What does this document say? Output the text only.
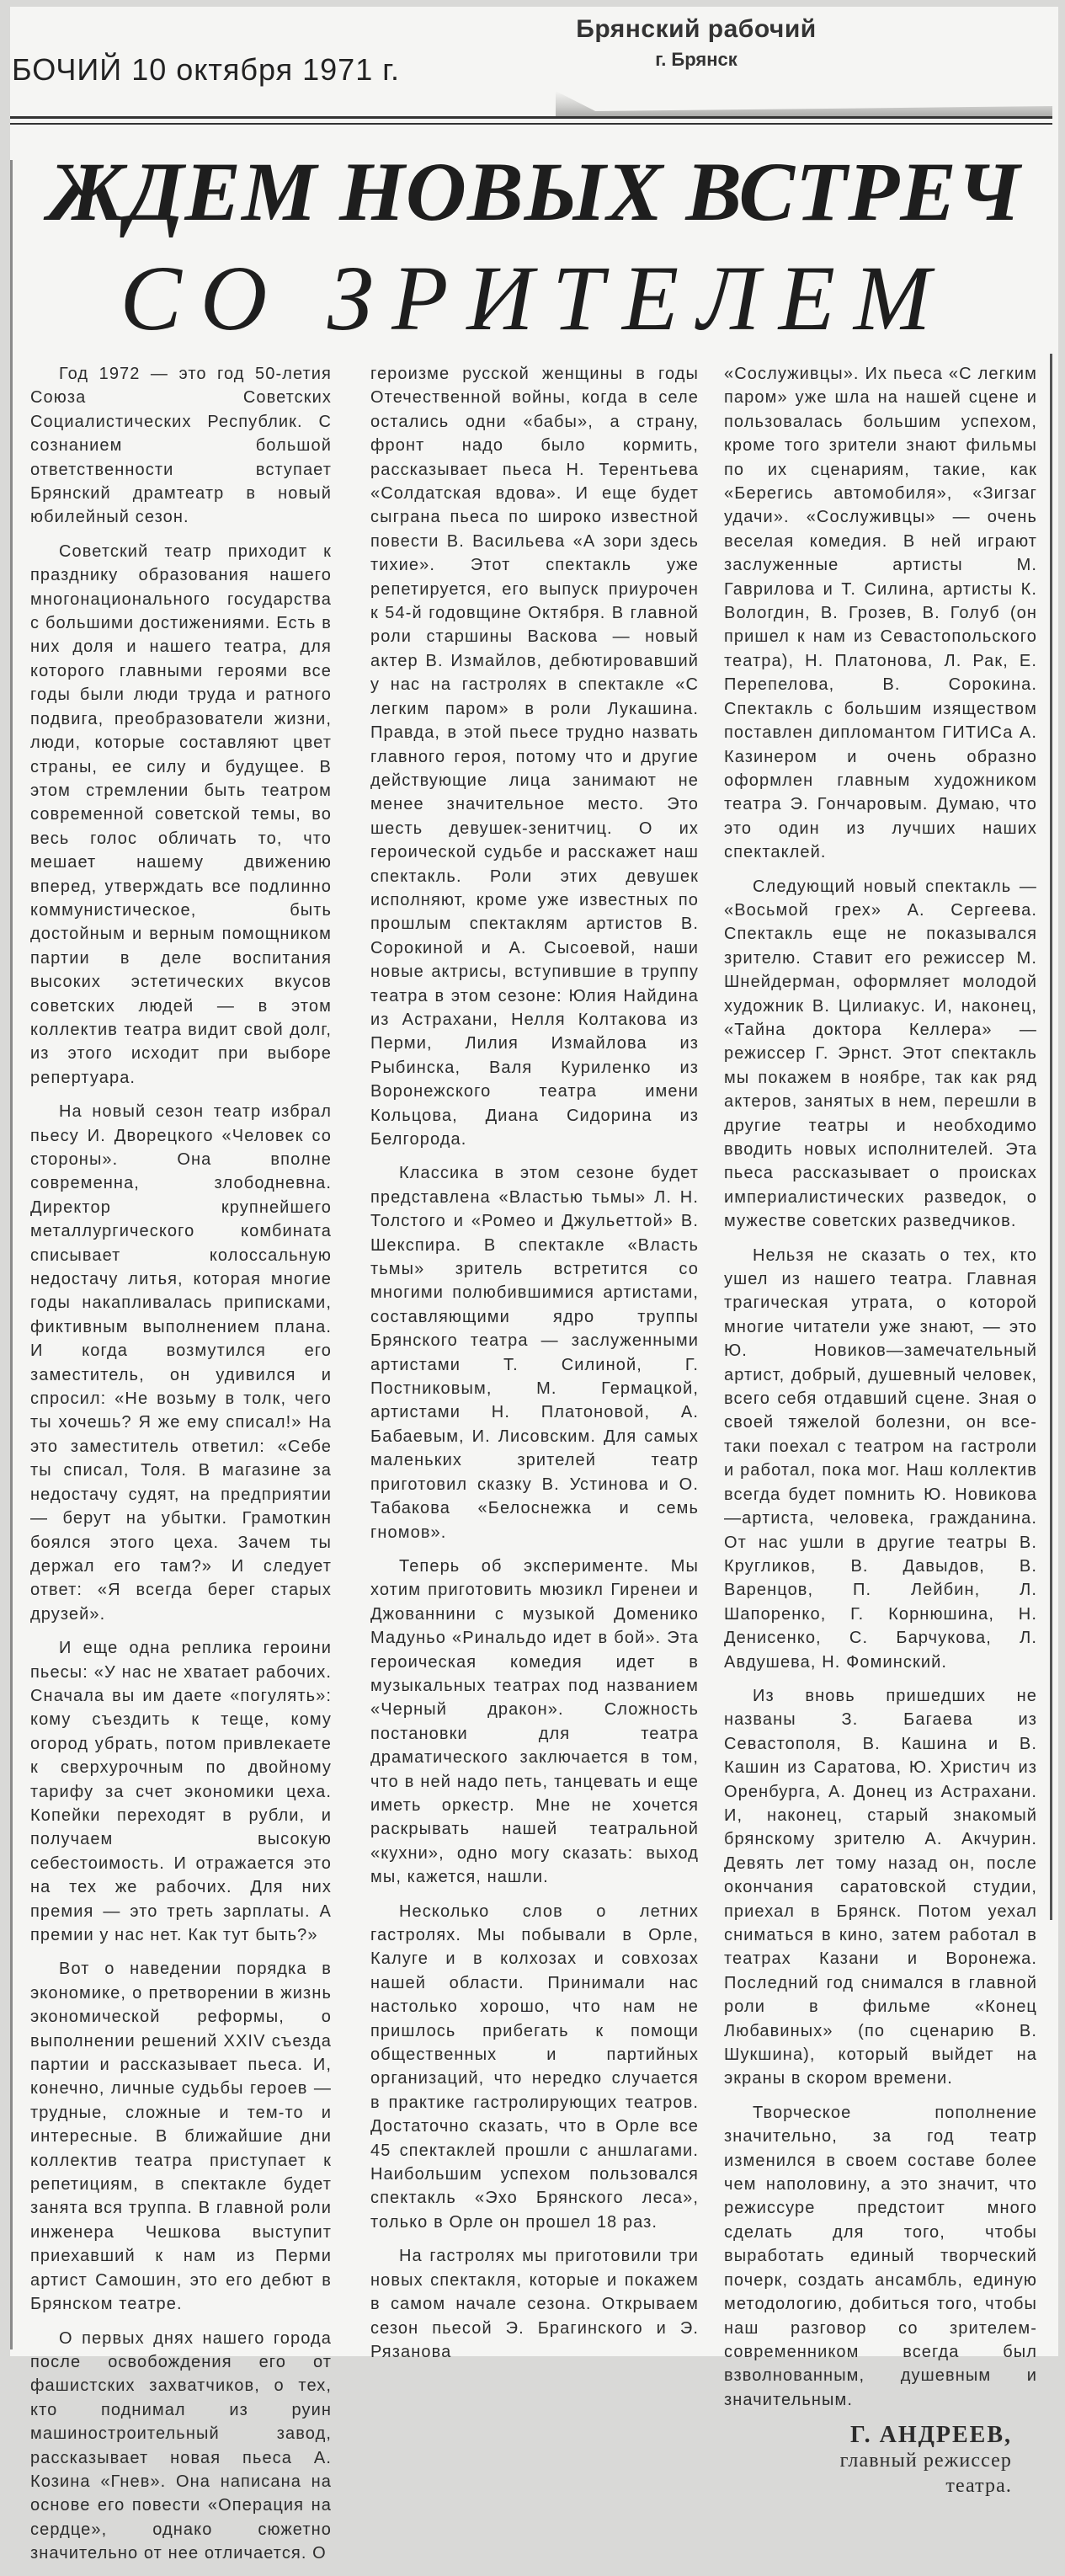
БОЧИЙ 10 октября 1971 г.
Брянский рабочий
г. Брянск
ЖДЕМ НОВЫХ ВСТРЕЧ
СО ЗРИТЕЛЕМ

Год 1972 — это год 50-летия Союза Советских Социалистических Республик. С сознанием большой ответственности вступает Брянский драмтеатр в новый юбилейный сезон.

Советский театр приходит к празднику образования нашего многонационального государства с большими достижениями. Есть в них доля и нашего театра, для которого главными героями все годы были люди труда и ратного подвига, преобразователи жизни, люди, которые составляют цвет страны, ее силу и будущее. В этом стремлении быть театром современной советской темы, во весь голос обличать то, что мешает нашему движению вперед, утверждать все подлинно коммунистическое, быть достойным и верным помощником партии в деле воспитания высоких эстетических вкусов советских людей — в этом коллектив театра видит свой долг, из этого исходит при выборе репертуара.

На новый сезон театр избрал пьесу И. Дворецкого «Человек со стороны». Она вполне современна, злободневна. Директор крупнейшего металлургического комбината списывает колоссальную недостачу литья, которая многие годы накапливалась приписками, фиктивным выполнением плана. И когда возмутился его заместитель, он удивился и спросил: «Не возьму в толк, чего ты хочешь? Я же ему списал!» На это заместитель ответил: «Себе ты списал, Толя. В магазине за недостачу судят, на предприятии — берут на убытки. Грамоткин боялся этого цеха. Зачем ты держал его там?» И следует ответ: «Я всегда берег старых друзей».

И еще одна реплика героини пьесы: «У нас не хватает рабочих. Сначала вы им даете «погулять»: кому съездить к теще, кому огород убрать, потом привлекаете к сверхурочным по двойному тарифу за счет экономики цеха. Копейки переходят в рубли, и получаем высокую себестоимость. И отражается это на тех же рабочих. Для них премия — это треть зарплаты. А премии у нас нет. Как тут быть?»

Вот о наведении порядка в экономике, о претворении в жизнь экономической реформы, о выполнении решений XXIV съезда партии и рассказывает пьеса. И, конечно, личные судьбы героев — трудные, сложные и тем-то и интересные. В ближайшие дни коллектив театра приступает к репетициям, в спектакле будет занята вся труппа. В главной роли инженера Чешкова выступит приехавший к нам из Перми артист Самошин, это его дебют в Брянском театре.

О первых днях нашего города после освобождения его от фашистских захватчиков, о тех, кто поднимал из руин машиностроительный завод, рассказывает новая пьеса А. Козина «Гнев». Она написана на основе его повести «Операция на сердце», однако сюжетно значительно от нее отличается. О

героизме русской женщины в годы Отечественной войны, когда в селе остались одни «бабы», а страну, фронт надо было кормить, рассказывает пьеса Н. Терентьева «Солдатская вдова». И еще будет сыграна пьеса по широко известной повести В. Васильева «А зори здесь тихие». Этот спектакль уже репетируется, его выпуск приурочен к 54-й годовщине Октября. В главной роли старшины Васкова — новый актер В. Измайлов, дебютировавший у нас на гастролях в спектакле «С легким паром» в роли Лукашина. Правда, в этой пьесе трудно назвать главного героя, потому что и другие действующие лица занимают не менее значительное место. Это шесть девушек-зенитчиц. О их героической судьбе и расскажет наш спектакль. Роли этих девушек исполняют, кроме уже известных по прошлым спектаклям артистов В. Сорокиной и А. Сысоевой, наши новые актрисы, вступившие в труппу театра в этом сезоне: Юлия Найдина из Астрахани, Нелля Колтакова из Перми, Лилия Измайлова из Рыбинска, Валя Куриленко из Воронежского театра имени Кольцова, Диана Сидорина из Белгорода.

Классика в этом сезоне будет представлена «Властью тьмы» Л. Н. Толстого и «Ромео и Джульеттой» В. Шекспира. В спектакле «Власть тьмы» зритель встретится со многими полюбившимися артистами, составляющими ядро труппы Брянского театра — заслуженными артистами Т. Силиной, Г. Постниковым, М. Гермацкой, артистами Н. Платоновой, А. Бабаевым, И. Лисовским. Для самых маленьких зрителей театр приготовил сказку В. Устинова и О. Табакова «Белоснежка и семь гномов».

Теперь об эксперименте. Мы хотим приготовить мюзикл Гиренеи и Джованнини с музыкой Доменико Мадуньо «Ринальдо идет в бой». Эта героическая комедия идет в музыкальных театрах под названием «Черный дракон». Сложность постановки для театра драматического заключается в том, что в ней надо петь, танцевать и еще иметь оркестр. Мне не хочется раскрывать нашей театральной «кухни», одно могу сказать: выход мы, кажется, нашли.

Несколько слов о летних гастролях. Мы побывали в Орле, Калуге и в колхозах и совхозах нашей области. Принимали нас настолько хорошо, что нам не пришлось прибегать к помощи общественных и партийных организаций, что нередко случается в практике гастролирующих театров. Достаточно сказать, что в Орле все 45 спектаклей прошли с аншлагами. Наибольшим успехом пользовался спектакль «Эхо Брянского леса», только в Орле он прошел 18 раз.

На гастролях мы приготовили три новых спектакля, которые и покажем в самом начале сезона. Открываем сезон пьесой Э. Брагинского и Э. Рязанова

«Сослуживцы». Их пьеса «С легким паром» уже шла на нашей сцене и пользовалась большим успехом, кроме того зрители знают фильмы по их сценариям, такие, как «Берегись автомобиля», «Зигзаг удачи». «Сослуживцы» — очень веселая комедия. В ней играют заслуженные артисты М. Гаврилова и Т. Силина, артисты К. Вологдин, В. Грозев, В. Голуб (он пришел к нам из Севастопольского театра), Н. Платонова, Л. Рак, Е. Перепелова, В. Сорокина. Спектакль с большим изяществом поставлен дипломантом ГИТИСа А. Казинером и очень образно оформлен главным художником театра Э. Гончаровым. Думаю, что это один из лучших наших спектаклей.

Следующий новый спектакль — «Восьмой грех» А. Сергеева. Спектакль еще не показывался зрителю. Ставит его режиссер М. Шнейдерман, оформляет молодой художник В. Цилиакус. И, наконец, «Тайна доктора Келлера» — режиссер Г. Эрнст. Этот спектакль мы покажем в ноябре, так как ряд актеров, занятых в нем, перешли в другие театры и необходимо вводить новых исполнителей. Эта пьеса рассказывает о происках империалистических разведок, о мужестве советских разведчиков.

Нельзя не сказать о тех, кто ушел из нашего театра. Главная трагическая утрата, о которой многие читатели уже знают, — это Ю. Новиков—замечательный артист, добрый, душевный человек, всего себя отдавший сцене. Зная о своей тяжелой болезни, он все-таки поехал с театром на гастроли и работал, пока мог. Наш коллектив всегда будет помнить Ю. Новикова—артиста, человека, гражданина. От нас ушли в другие театры В. Кругликов, В. Давыдов, В. Варенцов, П. Лейбин, Л. Шапоренко, Г. Корнюшина, Н. Денисенко, С. Барчукова, Л. Авдушева, Н. Фоминский.

Из вновь пришедших не названы З. Багаева из Севастополя, В. Кашина и В. Кашин из Саратова, Ю. Христич из Оренбурга, А. Донец из Астрахани. И, наконец, старый знакомый брянскому зрителю А. Акчурин. Девять лет тому назад он, после окончания саратовской студии, приехал в Брянск. Потом уехал сниматься в кино, затем работал в театрах Казани и Воронежа. Последний год снимался в главной роли в фильме «Конец Любавиных» (по сценарию В. Шукшина), который выйдет на экраны в скором времени.

Творческое пополнение значительно, за год театр изменился в своем составе более чем наполовину, а это значит, что режиссуре предстоит много сделать для того, чтобы выработать единый творческий почерк, создать ансамбль, единую методологию, добиться того, чтобы наш разговор со зрителем-современником всегда был взволнованным, душевным и значительным.

Г. АНДРЕЕВ,
главный режиссер
театра.
